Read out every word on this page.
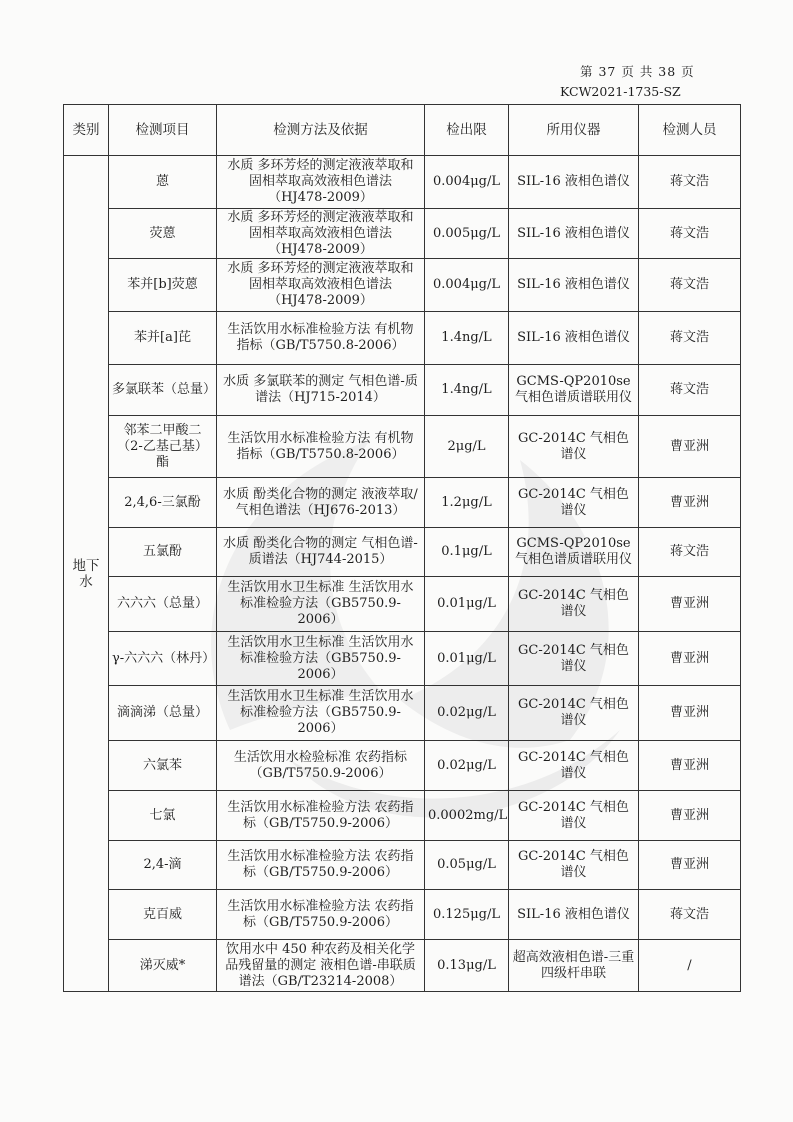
第 37 页 共 38 页
KCW2021-1735-SZ
类别	检测项目	检测方法及依据	检出限	所用仪器	检测人员
地下水	蒽	水质 多环芳烃的测定液液萃取和固相萃取高效液相色谱法（HJ478-2009）	0.004μg/L	SIL-16 液相色谱仪	蒋文浩
	荧蒽	水质 多环芳烃的测定液液萃取和固相萃取高效液相色谱法（HJ478-2009）	0.005μg/L	SIL-16 液相色谱仪	蒋文浩
	苯并[b]荧蒽	水质 多环芳烃的测定液液萃取和固相萃取高效液相色谱法（HJ478-2009）	0.004μg/L	SIL-16 液相色谱仪	蒋文浩
	苯并[a]芘	生活饮用水标准检验方法 有机物指标（GB/T5750.8-2006）	1.4ng/L	SIL-16 液相色谱仪	蒋文浩
	多氯联苯（总量）	水质 多氯联苯的测定 气相色谱-质谱法（HJ715-2014）	1.4ng/L	GCMS-QP2010se 气相色谱质谱联用仪	蒋文浩
	邻苯二甲酸二（2-乙基己基）酯	生活饮用水标准检验方法 有机物指标（GB/T5750.8-2006）	2μg/L	GC-2014C 气相色谱仪	曹亚洲
	2,4,6-三氯酚	水质 酚类化合物的测定 液液萃取/气相色谱法（HJ676-2013）	1.2μg/L	GC-2014C 气相色谱仪	曹亚洲
	五氯酚	水质 酚类化合物的测定 气相色谱-质谱法（HJ744-2015）	0.1μg/L	GCMS-QP2010se 气相色谱质谱联用仪	蒋文浩
	六六六（总量）	生活饮用水卫生标准 生活饮用水标准检验方法（GB5750.9-2006）	0.01μg/L	GC-2014C 气相色谱仪	曹亚洲
	γ-六六六（林丹）	生活饮用水卫生标准 生活饮用水标准检验方法（GB5750.9-2006）	0.01μg/L	GC-2014C 气相色谱仪	曹亚洲
	滴滴涕（总量）	生活饮用水卫生标准 生活饮用水标准检验方法（GB5750.9-2006）	0.02μg/L	GC-2014C 气相色谱仪	曹亚洲
	六氯苯	生活饮用水检验标准 农药指标（GB/T5750.9-2006）	0.02μg/L	GC-2014C 气相色谱仪	曹亚洲
	七氯	生活饮用水标准检验方法 农药指标（GB/T5750.9-2006）	0.0002mg/L	GC-2014C 气相色谱仪	曹亚洲
	2,4-滴	生活饮用水标准检验方法 农药指标（GB/T5750.9-2006）	0.05μg/L	GC-2014C 气相色谱仪	曹亚洲
	克百威	生活饮用水标准检验方法 农药指标（GB/T5750.9-2006）	0.125μg/L	SIL-16 液相色谱仪	蒋文浩
	涕灭威*	饮用水中 450 种农药及相关化学品残留量的测定 液相色谱-串联质谱法（GB/T23214-2008）	0.13μg/L	超高效液相色谱-三重四级杆串联	/
